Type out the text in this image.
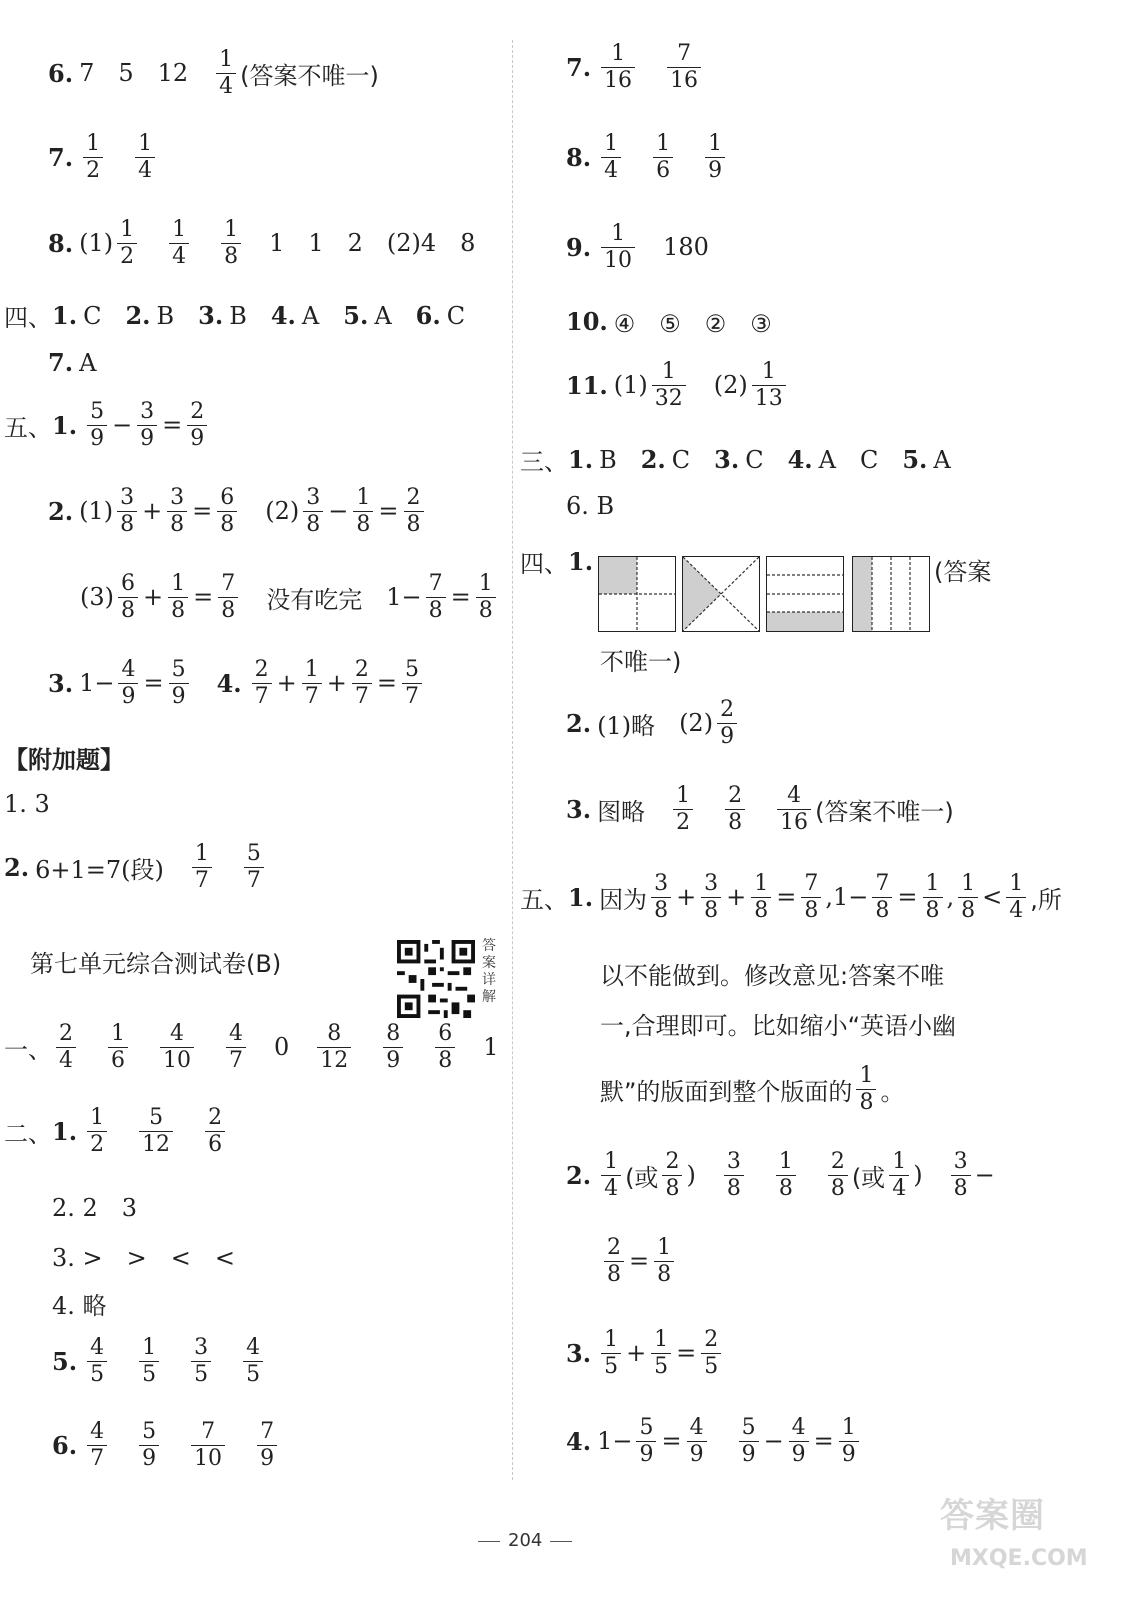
6. 7 5 $12 \frac{1}{4}$ (答案不唯一)
7. $\frac{1}{2} \frac{1}{4}$
8. $(1) \frac{1}{2} \frac{1}{4} \frac{1}{8} 1$ 1 2 (2)4 8
四、 1. C 2. B 3. B 4. A 5. A 6. C
7. A
五、 1. $\frac{5}{9} - \frac{3}{9} = \frac{2}{9}$
2. $(1) \frac{3}{8} + \frac{3}{8} = \frac{6}{8} (2) \frac{3}{8} - \frac{1}{8} = \frac{2}{8}$
$(3) \frac{6}{8} + \frac{1}{8} = \frac{7}{8}$ 没有吃完 $1- \frac{7}{8} = \frac{1}{8}$
3. $1- \frac{4}{9} = \frac{5}{9} 4$. $\frac{2}{7} + \frac{1}{7} + \frac{2}{7} = \frac{5}{7}$
【附加题】
1. 3
2. 6+1=7(段) $\frac{1}{7} \frac{5}{7}$
第七单元综合测试卷(B)
答案详解
一、 $\frac{2}{4} \frac{1}{6} \frac{4}{10} \frac{4}{7} 0 \frac{8}{12} \frac{8}{9} \frac{6}{8} 1$
二、 1. $\frac{1}{2} \frac{5}{12} \frac{2}{6}$
2. 2　3
3. >　>　<　<
4. 略
5. $\frac{4}{5} \frac{1}{5} \frac{3}{5} \frac{4}{5}$
6. $\frac{4}{7} \frac{5}{9} \frac{7}{10} \frac{7}{9}$
7. $\frac{1}{16} \frac{7}{16}$
8. $\frac{1}{4} \frac{1}{6} \frac{1}{9}$
9. $\frac{1}{10} 180$
10. ④　⑤　②　③
11. $(1) \frac{1}{32} (2) \frac{1}{13}$
三、 1. B 2. C 3. C 4. A C 5. A
6. B
四、 1.	(答案
不唯一)
2. (1)略 $(2) \frac{2}{9}$
3. 图略 $\frac{1}{2} \frac{2}{8} \frac{4}{16}$ (答案不唯一)
五、 1. 因为 $\frac{3}{8} + \frac{3}{8} + \frac{1}{8} = \frac{7}{8} ,1- \frac{7}{8} = \frac{1}{8}$ , $\frac{1}{8} < \frac{1}{4}$ ,所
以不能做到。修改意见:答案不唯
一,合理即可。比如缩小“英语小幽
默”的版面到整个版面的 $\frac{1}{8}$ 。
2. $\frac{1}{4}$ (或 $\frac{2}{8}$ ) $\frac{3}{8} \frac{1}{8} \frac{2}{8}$ (或 $\frac{1}{4}$ ) $\frac{3}{8}$ −
$\frac{2}{8} = \frac{1}{8}$
3. $\frac{1}{5} + \frac{1}{5} = \frac{2}{5}$
4. $1- \frac{5}{9} = \frac{4}{9} \frac{5}{9} - \frac{4}{9} = \frac{1}{9}$
204
答案圈
MXQE.COM
